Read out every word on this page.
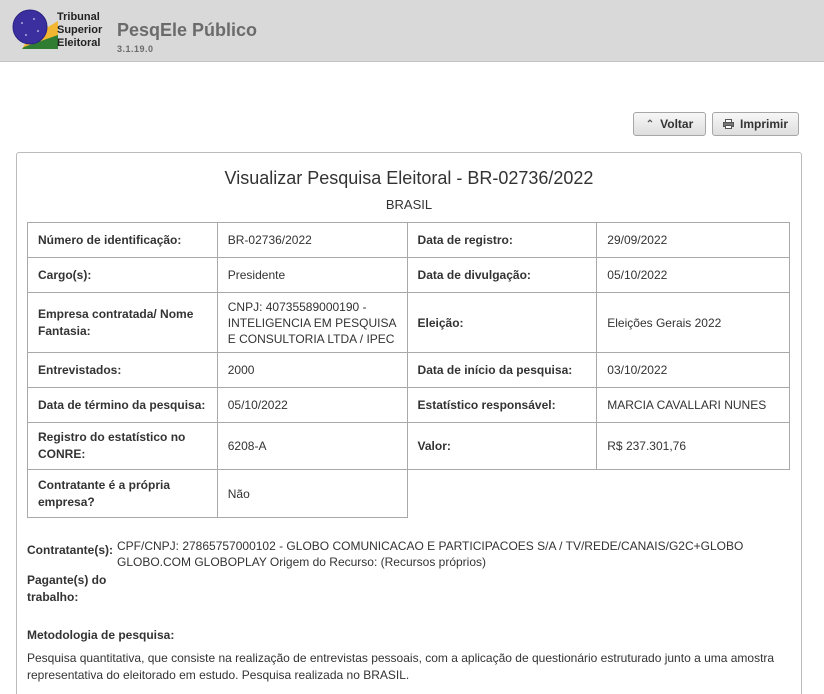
Tribunal
Superior
Eleitoral
PesqEle Público
3.1.19.0
⌃ Voltar	Imprimir
Visualizar Pesquisa Eleitoral - BR-02736/2022
BRASIL
Número de identificação:	BR-02736/2022	Data de registro:	29/09/2022
Cargo(s):	Presidente	Data de divulgação:	05/10/2022
Empresa contratada/ Nome Fantasia:	CNPJ: 40735589000190 - INTELIGENCIA EM PESQUISA E CONSULTORIA LTDA / IPEC	Eleição:	Eleições Gerais 2022
Entrevistados:	2000	Data de início da pesquisa:	03/10/2022
Data de término da pesquisa:	05/10/2022	Estatístico responsável:	MARCIA CAVALLARI NUNES
Registro do estatístico no CONRE:	6208-A	Valor:	R$ 237.301,76
Contratante é a própria empresa?	Não		
Contratante(s): CPF/CNPJ: 27865757000102 - GLOBO COMUNICACAO E PARTICIPACOES S/A / TV/REDE/CANAIS/G2C+GLOBO GLOBO.COM GLOBOPLAY Origem do Recurso: (Recursos próprios)
Pagante(s) do trabalho:
Metodologia de pesquisa:
Pesquisa quantitativa, que consiste na realização de entrevistas pessoais, com a aplicação de questionário estruturado junto a uma amostra representativa do eleitorado em estudo. Pesquisa realizada no BRASIL.
